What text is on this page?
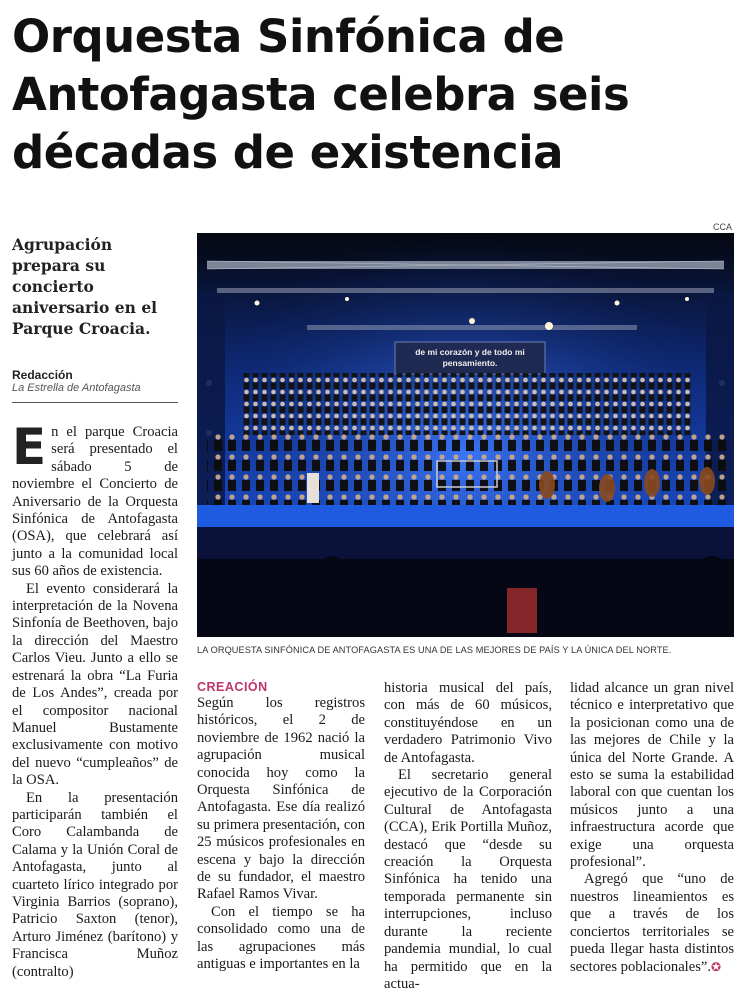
Orquesta Sinfónica de Antofagasta celebra seis décadas de existencia
CCA
Agrupación prepara su concierto aniversario en el Parque Croacia.
Redacción
La Estrella de Antofagasta
de mi corazón y de todo mi pensamiento.
LA ORQUESTA SINFÓNICA DE ANTOFAGASTA ES UNA DE LAS MEJORES DE PAÍS Y LA ÚNICA DEL NORTE.

En el parque Croacia será presentado el sábado 5 de noviembre el Concierto de Aniversario de la Orquesta Sinfónica de Antofagasta (OSA), que celebrará así junto a la comunidad local sus 60 años de existencia.

El evento considerará la interpretación de la Novena Sinfonía de Beethoven, bajo la dirección del Maestro Carlos Vieu. Junto a ello se estrenará la obra “La Furia de Los Andes”, creada por el compositor nacional Manuel Bustamente exclusivamente con motivo del nuevo “cumpleaños” de la OSA.

En la presentación participarán también el Coro Calambanda de Calama y la Unión Coral de Antofagasta, junto al cuarteto lírico integrado por Virginia Barrios (soprano), Patricio Saxton (tenor), Arturo Jiménez (barítono) y Francisca Muñoz (contralto)

CREACIÓN

Según los registros históricos, el 2 de noviembre de 1962 nació la agrupación musical conocida hoy como la Orquesta Sinfónica de Antofagasta. Ese día realizó su primera presentación, con 25 músicos profesionales en escena y bajo la dirección de su fundador, el maestro Rafael Ramos Vivar.

Con el tiempo se ha consolidado como una de las agrupaciones más antiguas e importantes en la

historia musical del país, con más de 60 músicos, constituyéndose en un verdadero Patrimonio Vivo de Antofagasta.

El secretario general ejecutivo de la Corporación Cultural de Antofagasta (CCA), Erik Portilla Muñoz, destacó que “desde su creación la Orquesta Sinfónica ha tenido una temporada permanente sin interrupciones, incluso durante la reciente pandemia mundial, lo cual ha permitido que en la actua-

lidad alcance un gran nivel técnico e interpretativo que la posicionan como una de las mejores de Chile y la única del Norte Grande. A esto se suma la estabilidad laboral con que cuentan los músicos junto a una infraestructura acorde que exige una orquesta profesional”.

Agregó que “uno de nuestros lineamientos es que a través de los conciertos territoriales se pueda llegar hasta distintos sectores poblacionales”.✪
